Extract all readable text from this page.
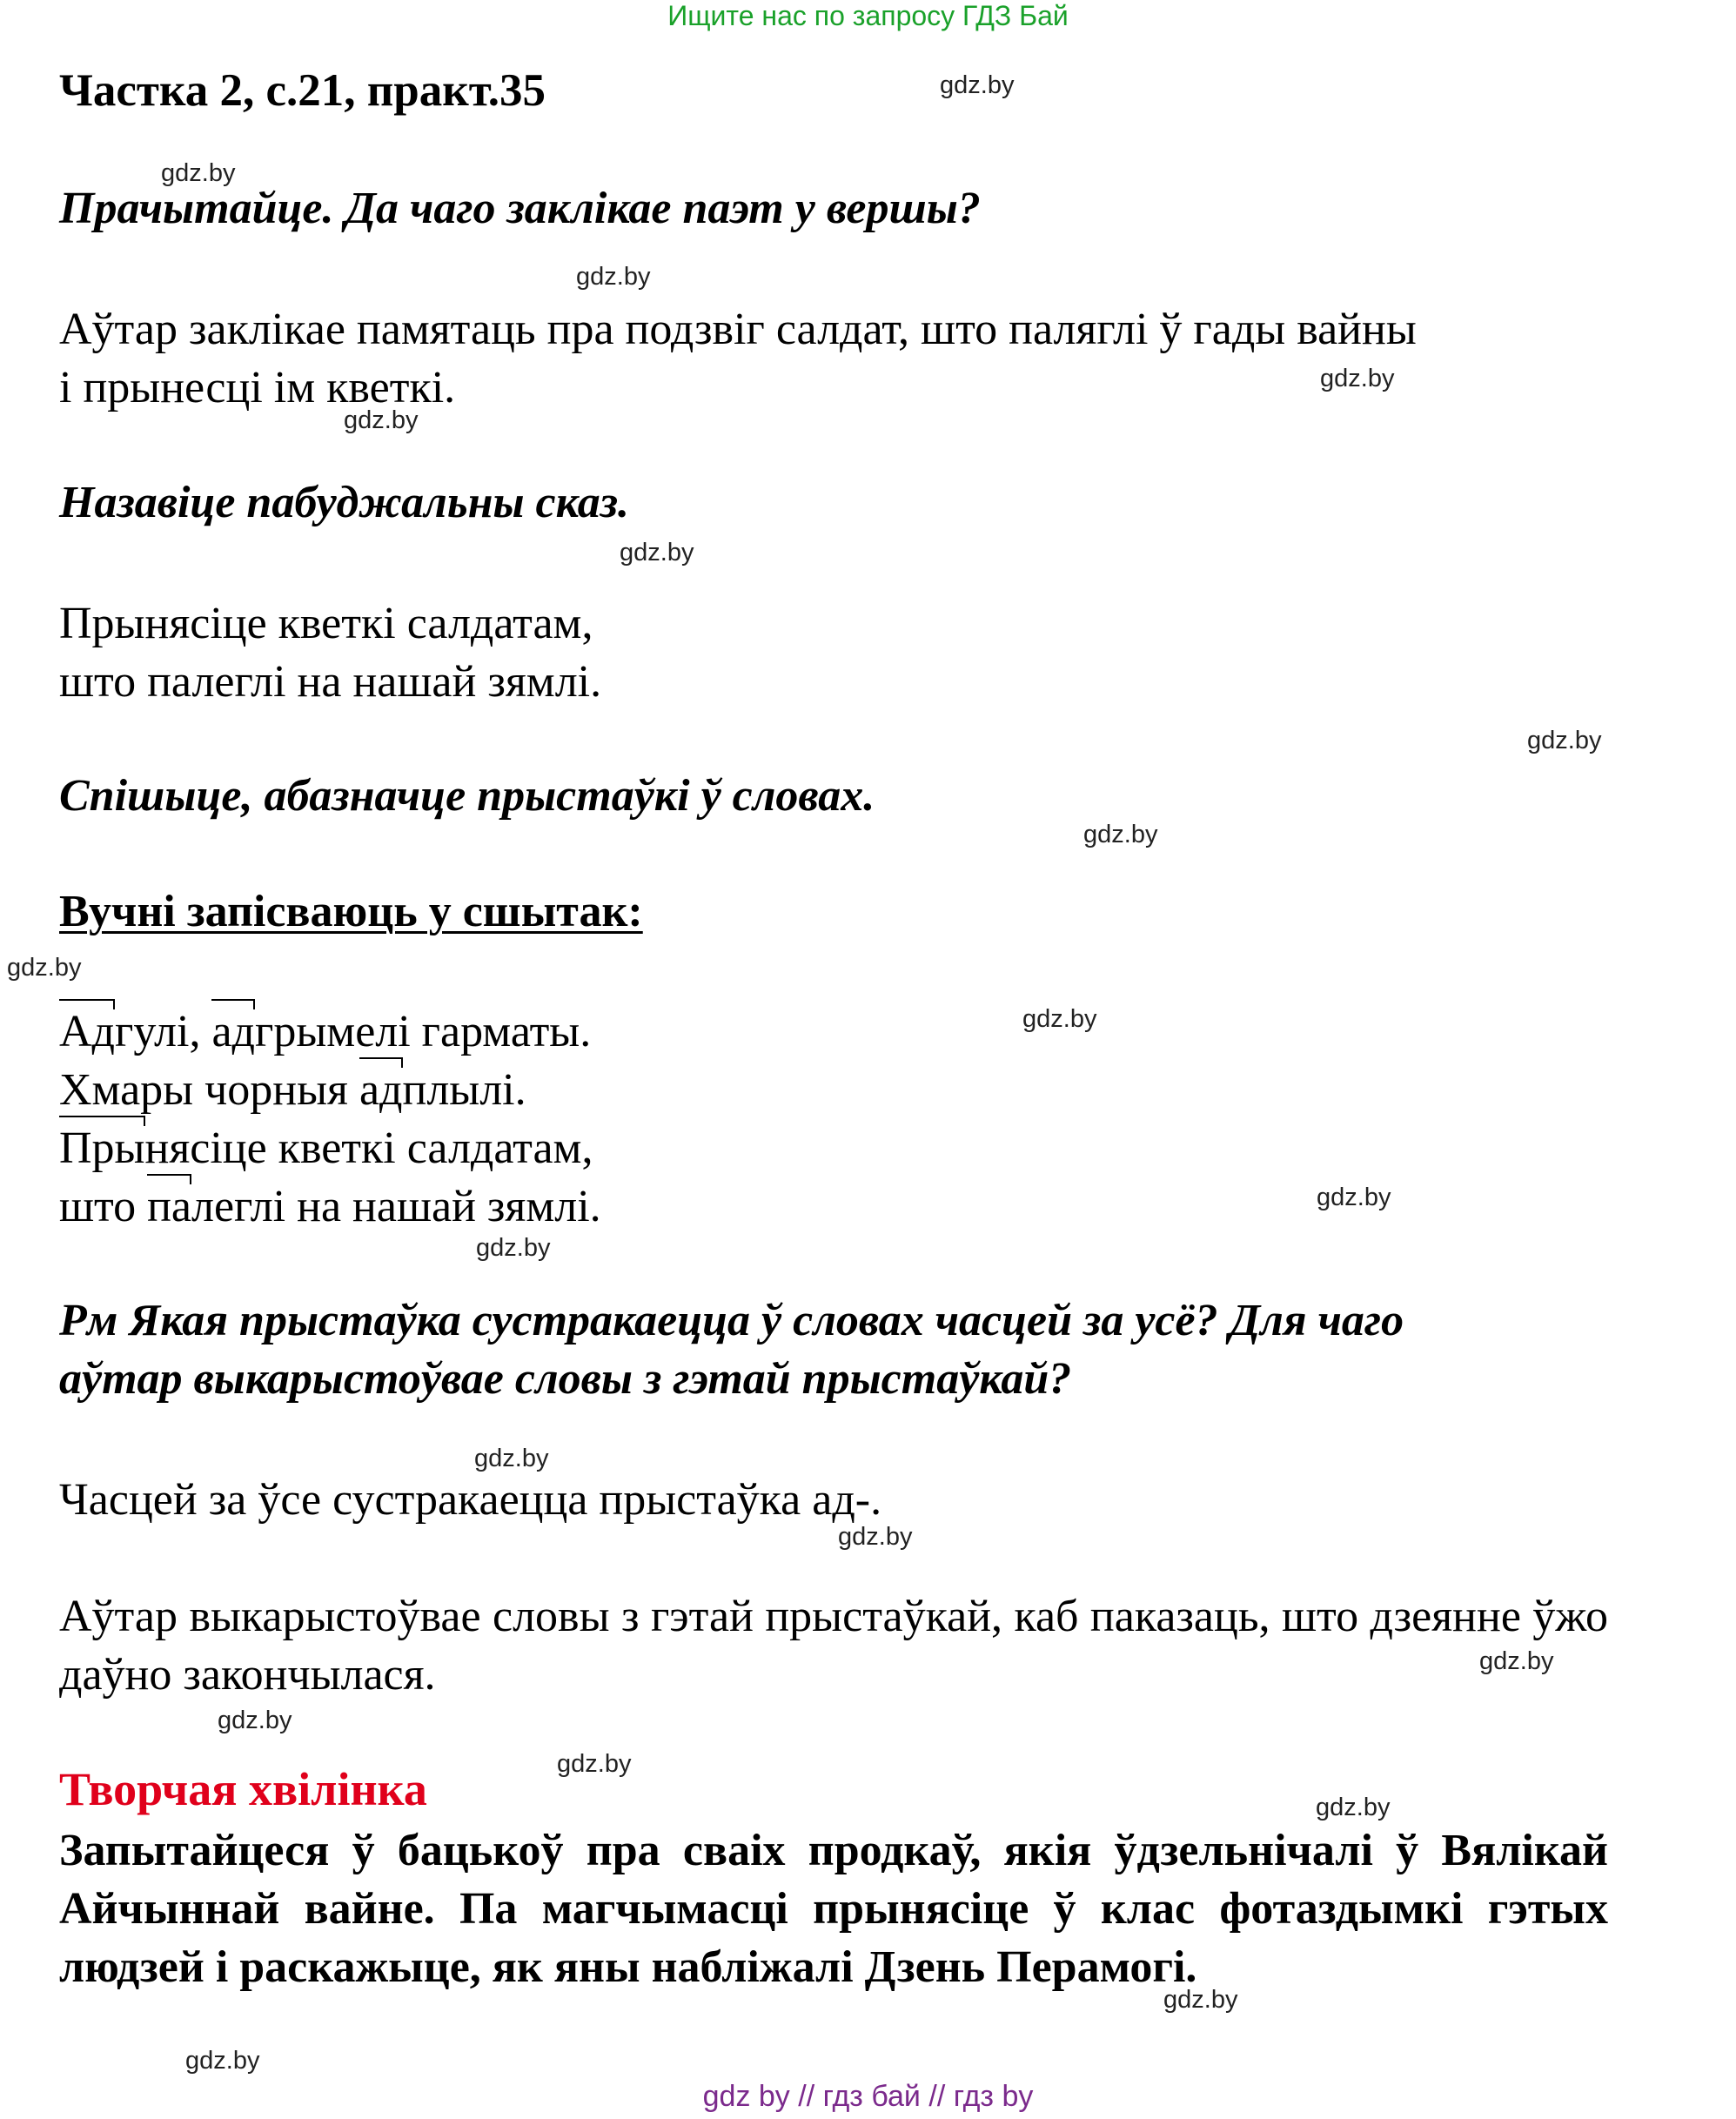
Ищите нас по запросу ГДЗ Бай
Частка 2, с.21, практ.35
Прачытайце. Да чаго заклікае паэт у вершы?
Аўтар заклікае памятаць пра подзвіг салдат, што паляглі ў гады вайны
і прынесці ім кветкі.
Назавіце пабуджальны сказ.
Прынясіце кветкі салдатам,
што палеглі на нашай зямлі.
Спішыце, абазначце прыстаўкі ў словах.
Вучні запісваюць у сшытак:
Адгулі, адгрымелі гарматы.
Хмары чорныя адплылі.
Прынясіце кветкі салдатам,
што палеглі на нашай зямлі.
Рм Якая прыстаўка сустракаецца ў словах часцей за усё? Для чаго
аўтар выкарыстоўвае словы з гэтай прыстаўкай?
Часцей за ўсе сустракаецца прыстаўка ад-.
Аўтар выкарыстоўвае словы з гэтай прыстаўкай, каб паказаць, што дзеянне ўжо даўно закончылася.
Творчая хвілінка
Запытайцеся ў бацькоў пра сваіх продкаў, якія ўдзельнічалі ў Вялікай Айчыннай вайне. Па магчымасці прынясіце ў клас фотаздымкі гэтых людзей і раскажыце, як яны набліжалі Дзень Перамогі.
gdz.by
gdz.by
gdz.by
gdz.by
gdz.by
gdz.by
gdz.by
gdz.by
gdz.by
gdz.by
gdz.by
gdz.by
gdz.by
gdz.by
gdz.by
gdz.by
gdz.by
gdz.by
gdz.by
gdz.by
gdz by // гдз бай // гдз by
